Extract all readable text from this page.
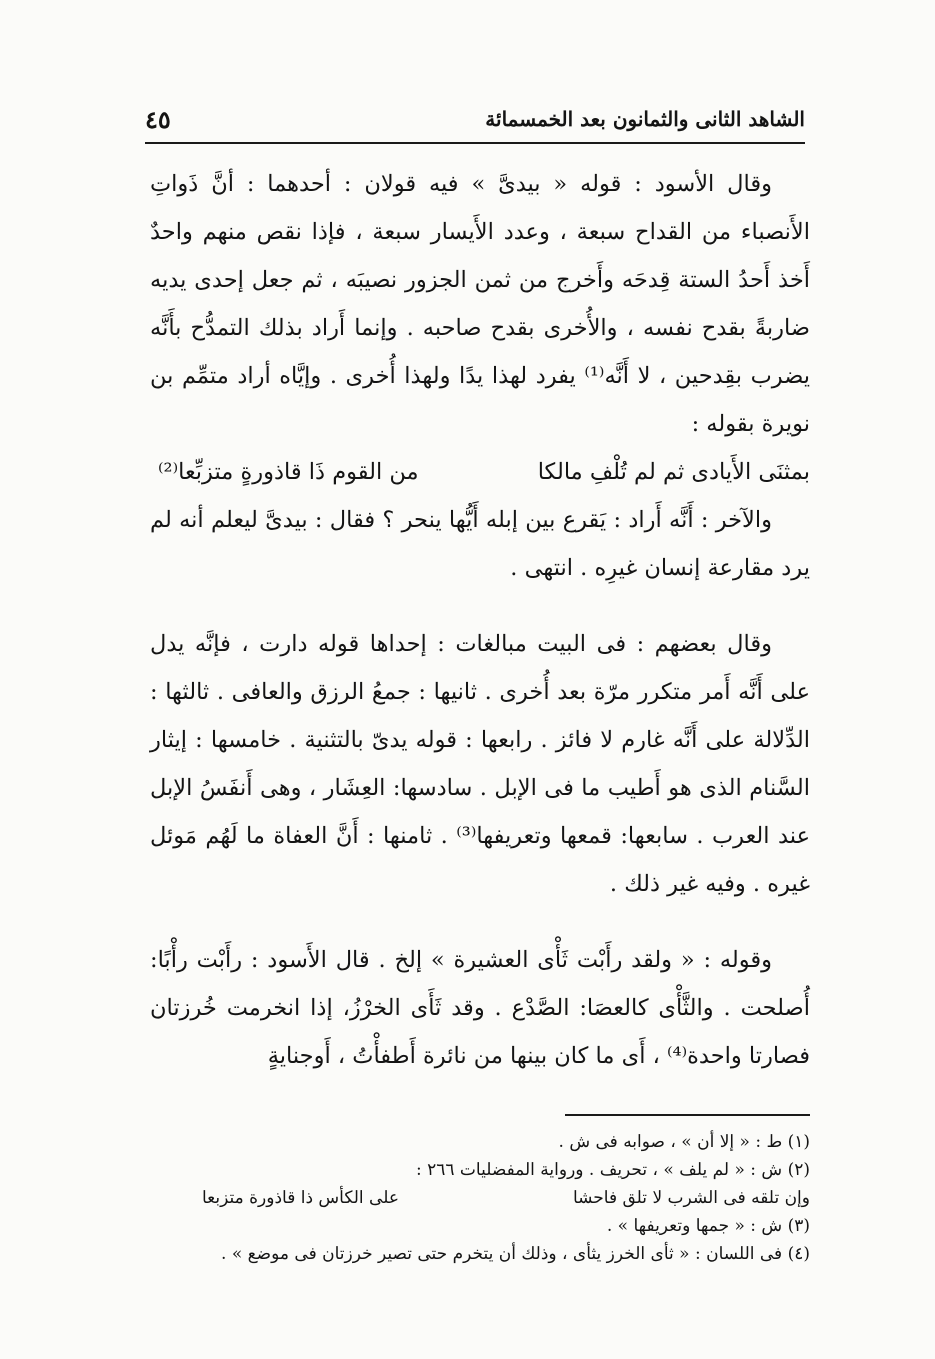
الشاهد الثانى والثمانون بعد الخمسمائة
٤٥

وقال الأسود : قوله « بيدىَّ » فيه قولان : أحدهما : أنَّ ذَواتِ الأَنصباء من القداح سبعة ، وعدد الأَيسار سبعة ، فإذا نقص منهم واحدٌ أَخذ أَحدُ الستة قِدحَه وأَخرج من ثمن الجزور نصيبَه ، ثم جعل إحدى يديه ضاربةً بقدح نفسه ، والأُخرى بقدح صاحبه . وإنما أَراد بذلك التمدُّح بأَنَّه يضرب بقِدحين ، لا أَنَّه⁽¹⁾ يفرد لهذا يدًا ولهذا أُخرى . وإيَّاه أراد متمِّم بن نويرة بقوله :

بمثنَى الأَيادى ثم لم تُلْفِ مالكا
من القوم ذَا قاذورةٍ متزبِّعا⁽²⁾

والآخر : أَنَّه أَراد : يَقرع بين إبله أَيُّها ينحر ؟ فقال : بيدىَّ ليعلم أنه لم يرد مقارعة إنسان غيرِه . انتهى .

وقال بعضهم : فى البيت مبالغات : إحداها قوله دارت ، فإنَّه يدل على أَنَّه أَمر متكرر مرّة بعد أُخرى . ثانيها : جمعُ الرزق والعافى . ثالثها : الدِّلالة على أَنَّه غارم لا فائز . رابعها : قوله يدىّ بالتثنية . خامسها : إيثار السَّنام الذى هو أَطيب ما فى الإبل . سادسها: العِشَار ، وهى أَنفَسُ الإبل عند العرب . سابعها: قمعها وتعريفها⁽³⁾ . ثامنها : أَنَّ العفاة ما لَهُم مَوئل غيره . وفيه غير ذلك .

وقوله : « ولقد رأَبْت ثَأْى العشيرة » إلخ . قال الأَسود : رأَبْت رأْبًا: أُصلحت . والثَّأْى كالعصَا: الصَّدْع . وقد ثَأَى الخرْزُ، إذا انخرمت خُرزتان فصارتا واحدة⁽⁴⁾ ، أَى ما كان بينها من نائرة أَطفأْتُ ، أَوجنايةٍ

(١) ط : « إلا أن » ، صوابه فى ش .

(٢) ش : « لم يلف » ، تحريف . ورواية المفضليات ٢٦٦ :

وإن تلقه فى الشرب لا تلق فاحشا
على الكأس ذا قاذورة متزبعا

(٣) ش : « جمها وتعريفها » .

(٤) فى اللسان : « ثأى الخرز يثأى ، وذلك أن يتخرم حتى تصير خرزتان فى موضع » .
